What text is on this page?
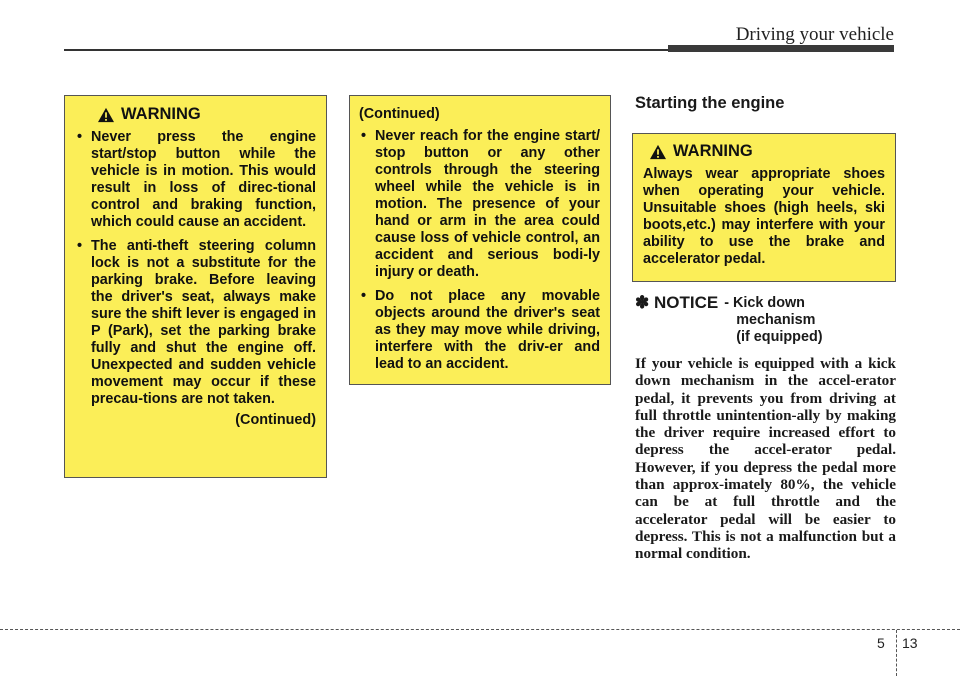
Driving your vehicle
WARNING
• Never press the engine start/stop button while the vehicle is in motion. This would result in loss of direc-tional control and braking function, which could cause an accident.
• The anti-theft steering column lock is not a substitute for the parking brake. Before leaving the driver's seat, always make sure the shift lever is engaged in P (Park), set the parking brake fully and shut the engine off. Unexpected and sudden vehicle movement may occur if these precau-tions are not taken.
(Continued)
(Continued)
• Never reach for the engine start/ stop button or any other controls through the steering wheel while the vehicle is in motion. The presence of your hand or arm in the area could cause loss of vehicle control, an accident and serious bodi-ly injury or death.
• Do not place any movable objects around the driver's seat as they may move while driving, interfere with the driv-er and lead to an accident.
Starting the engine
WARNING
Always wear appropriate shoes when operating your vehicle. Unsuitable shoes (high heels, ski boots,etc.) may interfere with your ability to use the brake and accelerator pedal.
✽ NOTICE - Kick down
mechanism
(if equipped)
If your vehicle is equipped with a kick down mechanism in the accel-erator pedal, it prevents you from driving at full throttle unintention-ally by making the driver require increased effort to depress the accel-erator pedal. However, if you depress the pedal more than approx-imately 80%, the vehicle can be at full throttle and the accelerator pedal will be easier to depress. This is not a malfunction but a normal condition.
5 13
